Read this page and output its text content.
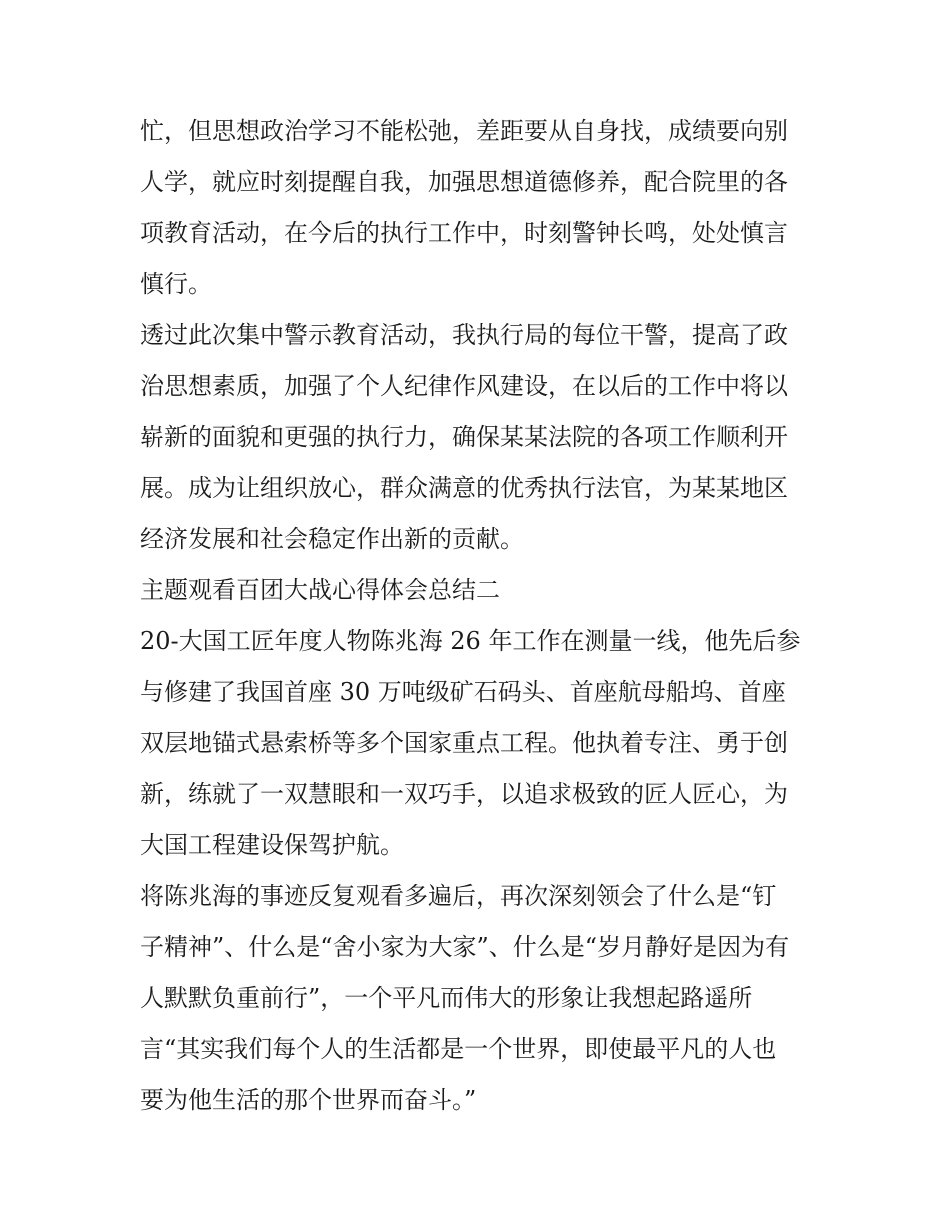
忙，但思想政治学习不能松弛，差距要从自身找，成绩要向别

人学，就应时刻提醒自我，加强思想道德修养，配合院里的各

项教育活动，在今后的执行工作中，时刻警钟长鸣，处处慎言

慎行。

透过此次集中警示教育活动，我执行局的每位干警，提高了政

治思想素质，加强了个人纪律作风建设，在以后的工作中将以

崭新的面貌和更强的执行力，确保某某法院的各项工作顺利开

展。成为让组织放心，群众满意的优秀执行法官，为某某地区

经济发展和社会稳定作出新的贡献。

主题观看百团大战心得体会总结二

20-大国工匠年度人物陈兆海 26 年工作在测量一线，他先后参

与修建了我国首座 30 万吨级矿石码头、首座航母船坞、首座

双层地锚式悬索桥等多个国家重点工程。他执着专注、勇于创

新，练就了一双慧眼和一双巧手，以追求极致的匠人匠心，为

大国工程建设保驾护航。

将陈兆海的事迹反复观看多遍后，再次深刻领会了什么是“钉

子精神”、什么是“舍小家为大家”、什么是“岁月静好是因为有

人默默负重前行”，一个平凡而伟大的形象让我想起路遥所

言“其实我们每个人的生活都是一个世界，即使最平凡的人也

要为他生活的那个世界而奋斗。”
